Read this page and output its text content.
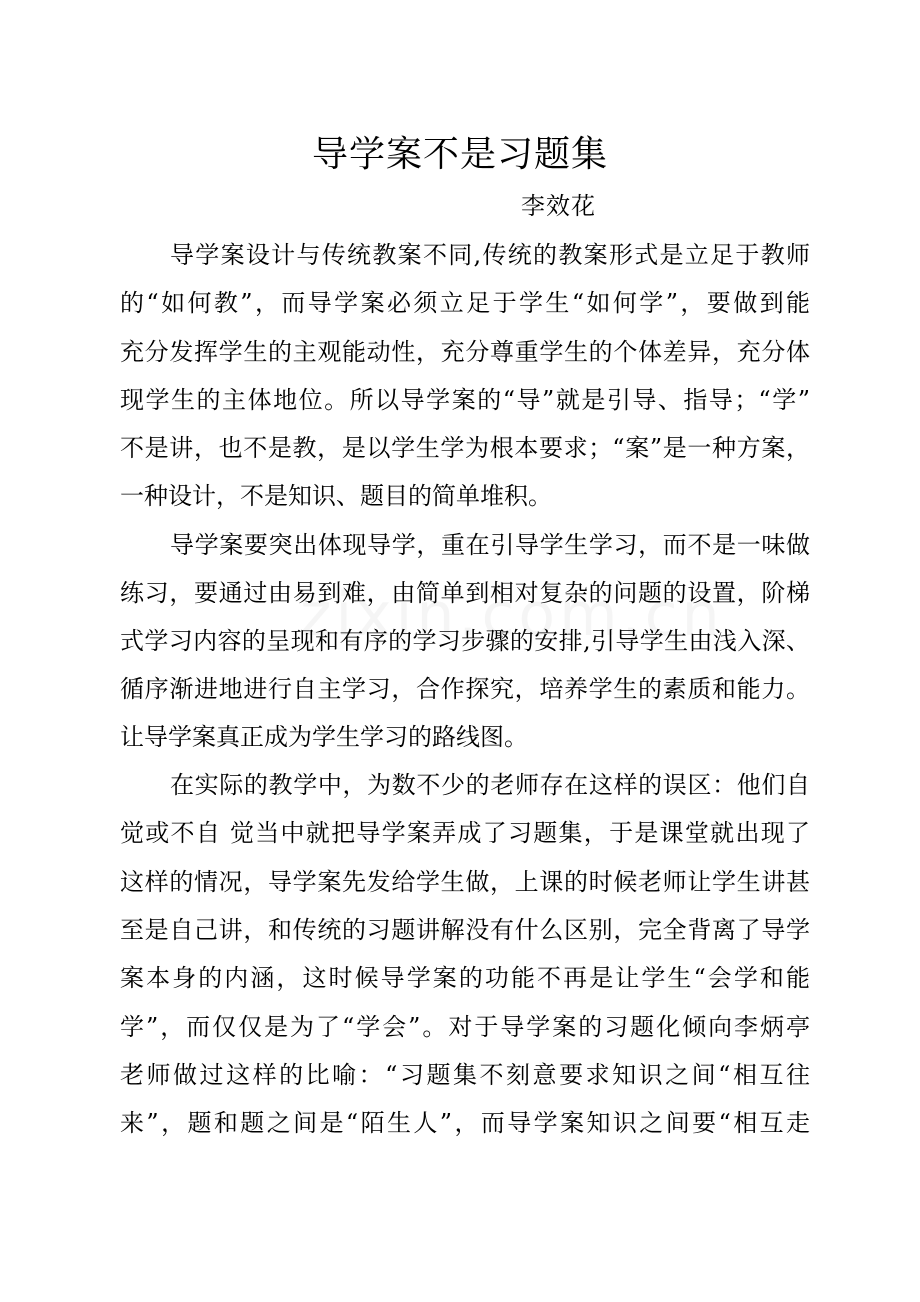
导学案不是习题集
李效花
导学案设计与传统教案不同,传统的教案形式是立足于教师
的“如何教”，而导学案必须立足于学生“如何学”，要做到能
充分发挥学生的主观能动性，充分尊重学生的个体差异，充分体
现学生的主体地位。所以导学案的“导”就是引导、指导；“学”
不是讲，也不是教，是以学生学为根本要求；“案”是一种方案，
一种设计，不是知识、题目的简单堆积。
导学案要突出体现导学，重在引导学生学习，而不是一味做
练习，要通过由易到难，由简单到相对复杂的问题的设置，阶梯
式学习内容的呈现和有序的学习步骤的安排,引导学生由浅入深、
循序渐进地进行自主学习，合作探究，培养学生的素质和能力。
让导学案真正成为学生学习的路线图。
在实际的教学中，为数不少的老师存在这样的误区：他们自
觉或不自 觉当中就把导学案弄成了习题集，于是课堂就出现了
这样的情况，导学案先发给学生做，上课的时候老师让学生讲甚
至是自己讲，和传统的习题讲解没有什么区别，完全背离了导学
案本身的内涵，这时候导学案的功能不再是让学生“会学和能
学”，而仅仅是为了“学会”。对于导学案的习题化倾向李炳亭
老师做过这样的比喻：“习题集不刻意要求知识之间“相互往
来”，题和题之间是“陌生人”，而导学案知识之间要“相互走
